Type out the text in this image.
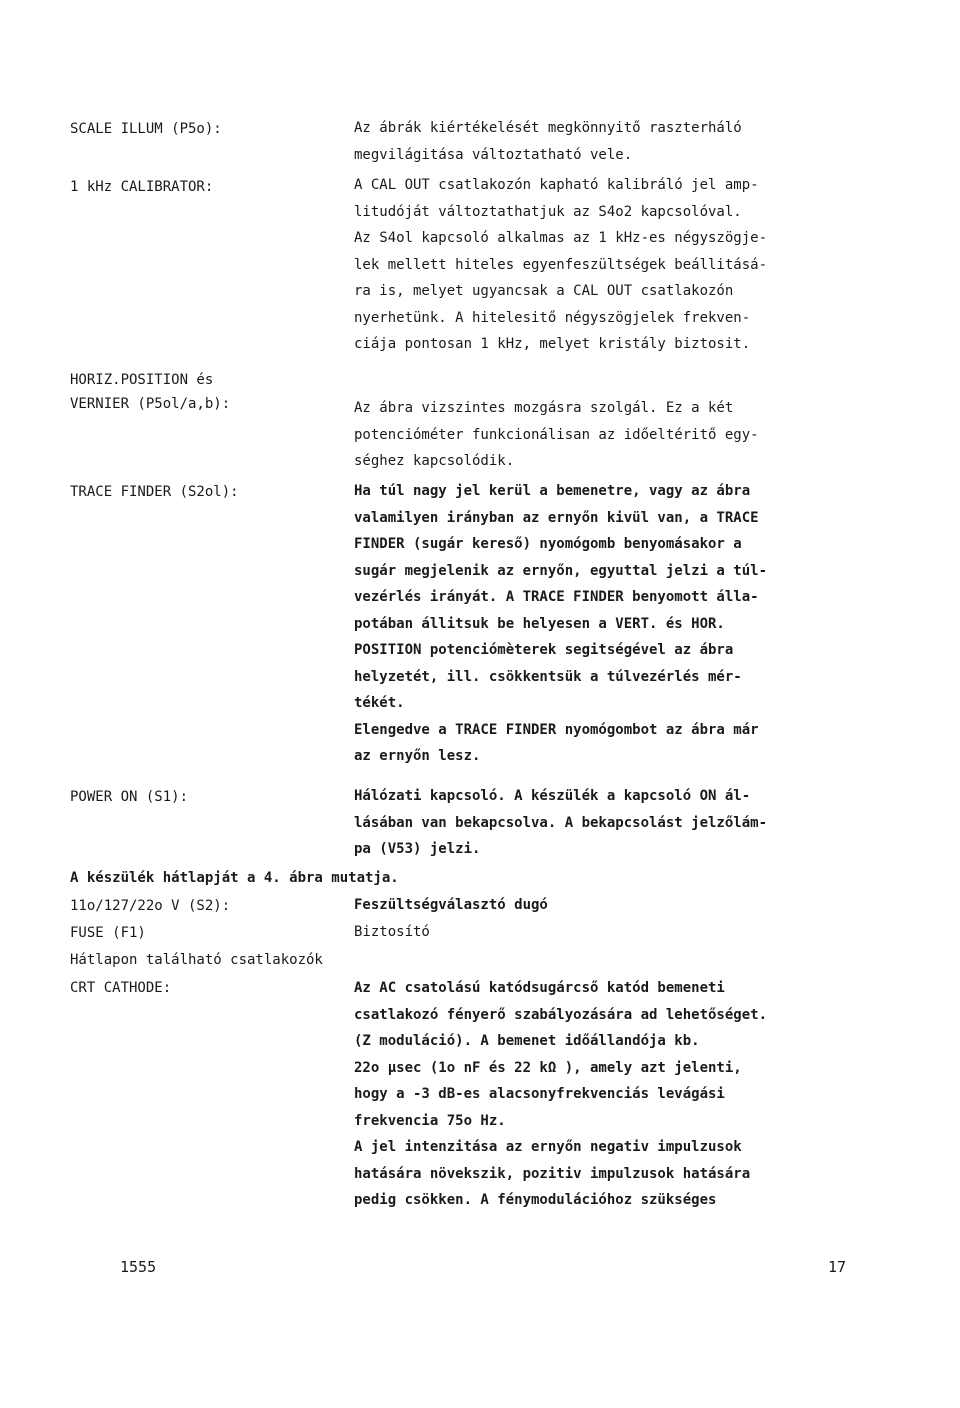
SCALE ILLUM (P5o):	Az ábrák kiértékelését megkönnyitő raszterháló
megvilágitása változtatható vele.
1 kHz CALIBRATOR:	A CAL OUT csatlakozón kapható kalibráló jel amp-
litudóját változtathatjuk az S4o2 kapcsolóval.
Az S4ol kapcsoló alkalmas az 1 kHz-es négyszögje-
lek mellett hiteles egyenfeszültségek beállitásá-
ra is, melyet ugyancsak a CAL OUT csatlakozón
nyerhetünk. A hitelesitő négyszögjelek frekven-
ciája pontosan 1 kHz, melyet kristály biztosit.
HORIZ.POSITION és
VERNIER (P5ol/a,b):	Az ábra vizszintes mozgásra szolgál. Ez a két
potencióméter funkcionálisan az időeltéritő egy-
séghez kapcsolódik.
TRACE FINDER (S2ol):	Ha túl nagy jel kerül a bemenetre, vagy az ábra
valamilyen irányban az ernyőn kivül van, a TRACE
FINDER (sugár kereső) nyomógomb benyomásakor a
sugár megjelenik az ernyőn, egyuttal jelzi a túl-
vezérlés irányát. A TRACE FINDER benyomott álla-
potában állitsuk be helyesen a VERT. és HOR.
POSITION potenciómèterek segitségével az ábra
helyzetét, ill. csökkentsük a túlvezérlés mér-
tékét.
Elengedve a TRACE FINDER nyomógombot az ábra már
az ernyőn lesz.
POWER ON (S1):	Hálózati kapcsoló. A készülék a kapcsoló ON ál-
lásában van bekapcsolva. A bekapcsolást jelzőlám-
pa (V53) jelzi.
A készülék hátlapját a 4. ábra mutatja.
11o/127/22o V (S2):	Feszültségválasztó dugó
FUSE (F1)	Biztosító
Hátlapon található csatlakozók
CRT CATHODE:	Az AC csatolású katódsugárcső katód bemeneti
csatlakozó fényerő szabályozására ad lehetőséget.
(Z moduláció). A bemenet időállandója kb.
22o μsec (1o nF és 22 kΩ ), amely azt jelenti,
hogy a -3 dB-es alacsonyfrekvenciás levágási
frekvencia 75o Hz.
A jel intenzitása az ernyőn negativ impulzusok
hatására növekszik, pozitiv impulzusok hatására
pedig csökken. A fénymodulációhoz szükséges
1555	17
